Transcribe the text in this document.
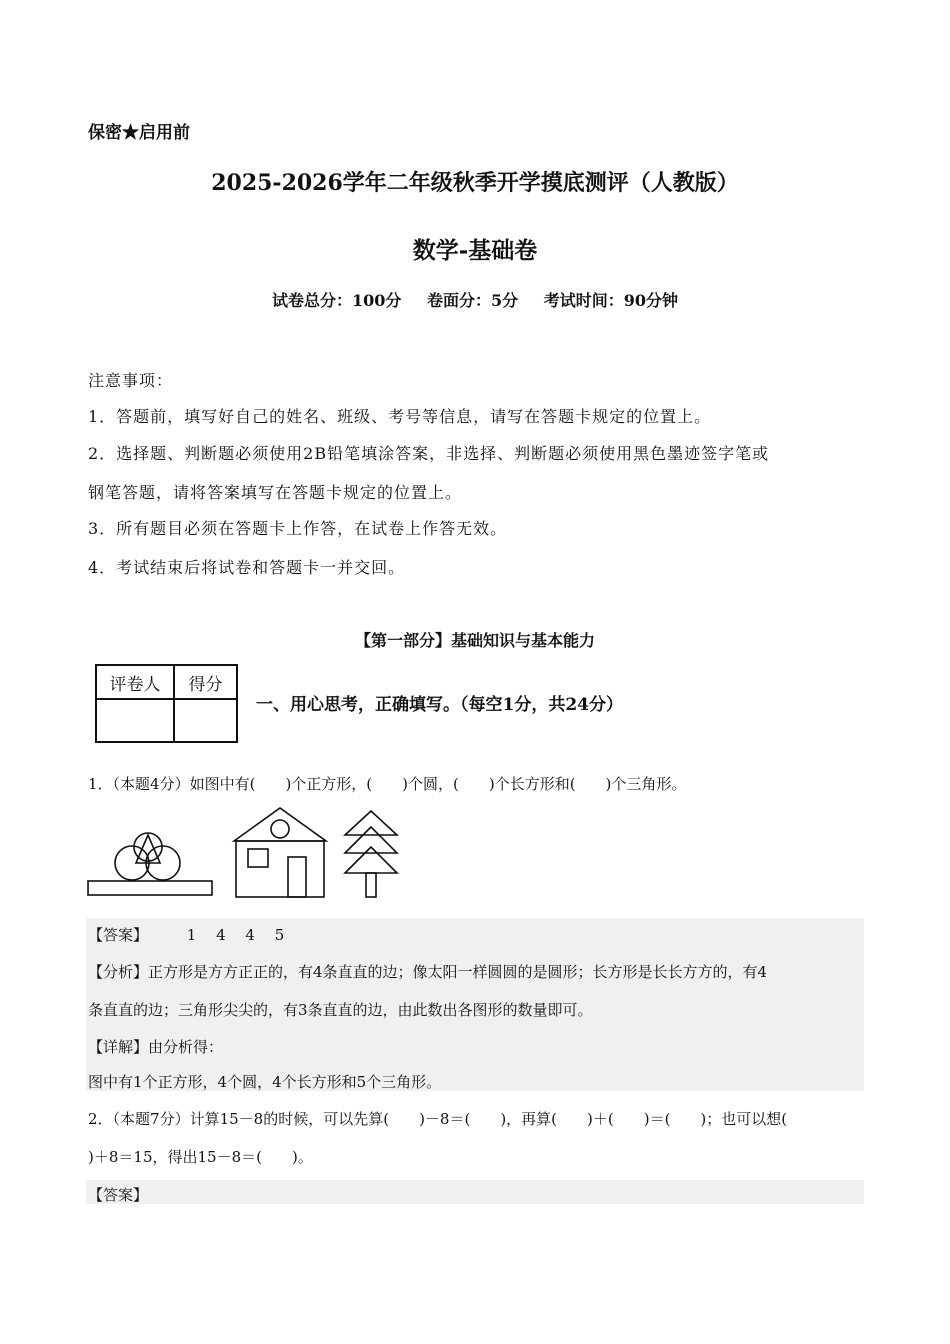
保密★启用前
2025-2026学年二年级秋季开学摸底测评（人教版）
数学-基础卷
试卷总分：100分 卷面分：5分 考试时间：90分钟
注意事项：
1．答题前，填写好自己的姓名、班级、考号等信息，请写在答题卡规定的位置上。
2．选择题、判断题必须使用2B铅笔填涂答案，非选择、判断题必须使用黑色墨迹签字笔或
钢笔答题，请将答案填写在答题卡规定的位置上。
3．所有题目必须在答题卡上作答，在试卷上作答无效。
4．考试结束后将试卷和答题卡一并交回。
【第一部分】基础知识与基本能力
评卷人	得分

一、用心思考，正确填写。（每空1分，共24分）
1．（本题4分）如图中有(　　)个正方形，(　　)个圆，(　　)个长方形和(　　)个三角形。
【答案】	1　 4　 4　 5
【分析】正方形是方方正正的，有4条直直的边；像太阳一样圆圆的是圆形；长方形是长长方方的，有4
条直直的边；三角形尖尖的，有3条直直的边，由此数出各图形的数量即可。
【详解】由分析得：
图中有1个正方形，4个圆，4个长方形和5个三角形。
2．（本题7分）计算15－8的时候，可以先算(　　)－8＝(　　)，再算(　　)＋(　　)＝(　　)；也可以想(
)＋8＝15，得出15－8＝(　　)。
【答案】
